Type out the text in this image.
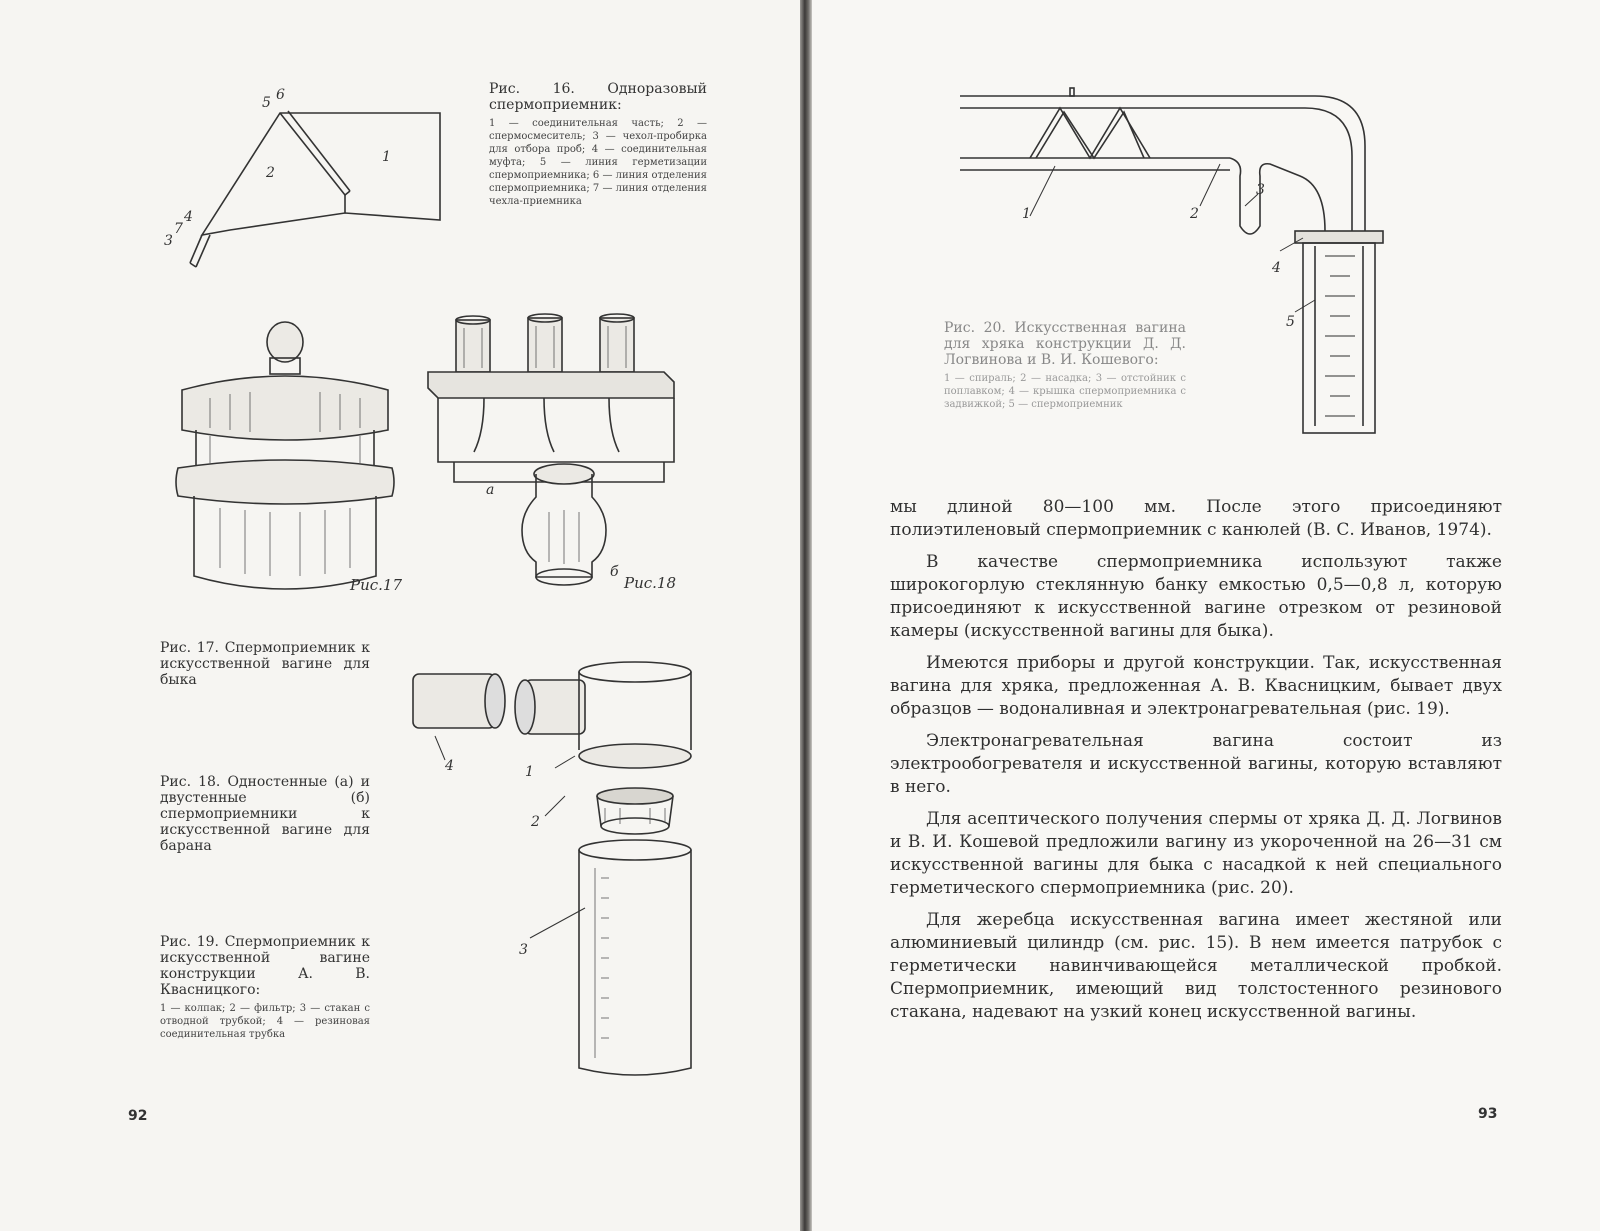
5 6
1
2
4
7
3
Рис. 16. Одноразовый спермоприемник:
1 — соединительная часть; 2 — спермосмеситель; 3 — чехол-пробирка для отбора проб; 4 — соединительная муфта; 5 — линия герметизации спермоприемника; 6 — линия отделения спермоприемника; 7 — линия отделения чехла-приемника
Рис.17
Рис. 17. Спермоприемник к искусственной вагине для быка
а
б
Рис.18
Рис. 18. Одностенные (а) и двустенные (б) спермоприемники к искусственной вагине для барана
4	1
2
3
Рис. 19. Спермоприемник к искусственной вагине конструкции А. В. Квасницкого:
1 — колпак; 2 — фильтр; 3 — стакан с отводной трубкой; 4 — резиновая соединительная трубка
92
1	2
3
4
5
Рис. 20. Искусственная вагина для хряка конструкции Д. Д. Логвинова и В. И. Кошевого:
1 — спираль; 2 — насадка; 3 — отстойник с поплавком; 4 — крышка спермоприемника с задвижкой; 5 — спермоприемник

мы длиной 80—100 мм. После этого присоединяют полиэтиленовый спермоприемник с канюлей (В. С. Иванов, 1974).

В качестве спермоприемника используют также широкогорлую стеклянную банку емкостью 0,5—0,8 л, которую присоединяют к искусственной вагине отрезком от резиновой камеры (искусственной вагины для быка).

Имеются приборы и другой конструкции. Так, искусственная вагина для хряка, предложенная А. В. Квасницким, бывает двух образцов — водоналивная и электронагревательная (рис. 19).

Электронагревательная вагина состоит из электрообогревателя и искусственной вагины, которую вставляют в него.

Для асептического получения спермы от хряка Д. Д. Логвинов и В. И. Кошевой предложили вагину из укороченной на 26—31 см искусственной вагины для быка с насадкой к ней специального герметического спермоприемника (рис. 20).

Для жеребца искусственная вагина имеет жестяной или алюминиевый цилиндр (см. рис. 15). В нем имеется патрубок с герметически навинчивающейся металлической пробкой. Спермоприемник, имеющий вид толстостенного резинового стакана, надевают на узкий конец искусственной вагины.

93
